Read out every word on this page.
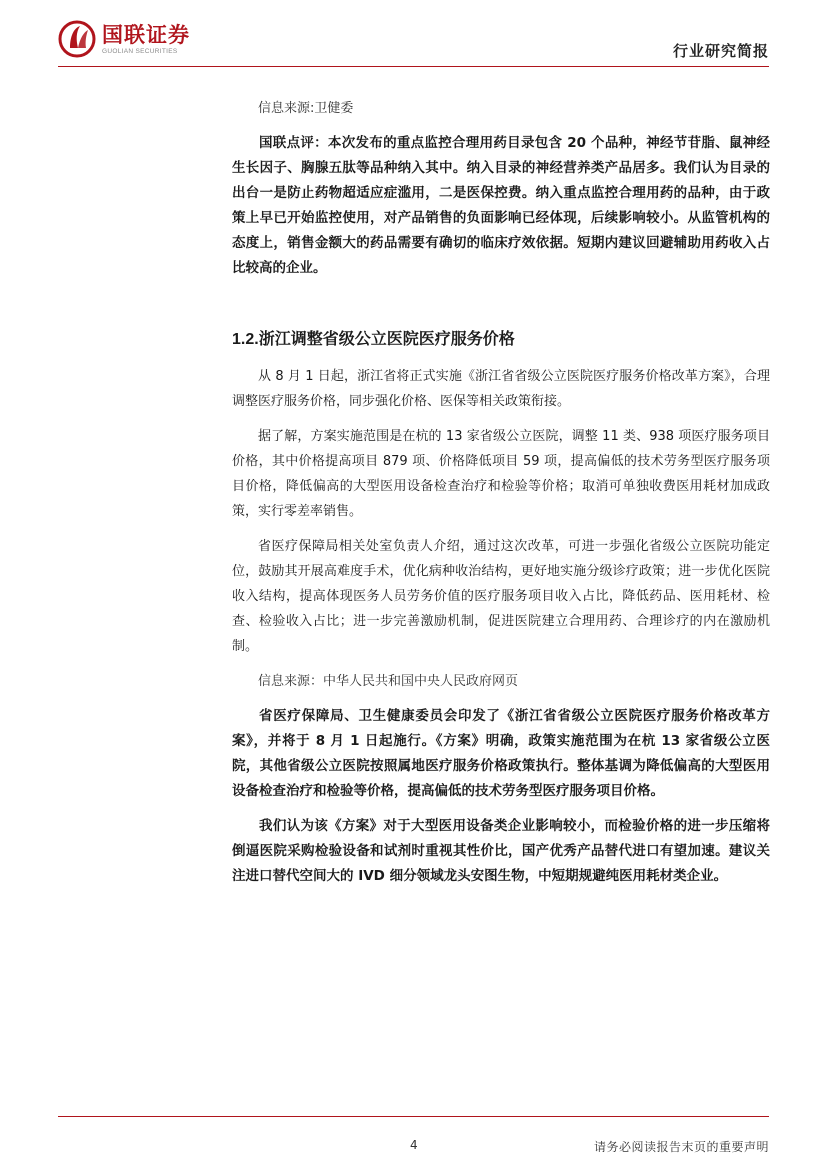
国联证券
GUOLIAN SECURITIES	行业研究简报

信息来源:卫健委

国联点评：本次发布的重点监控合理用药目录包含 20 个品种，神经节苷脂、鼠神经生长因子、胸腺五肽等品种纳入其中。纳入目录的神经营养类产品居多。我们认为目录的出台一是防止药物超适应症滥用，二是医保控费。纳入重点监控合理用药的品种，由于政策上早已开始监控使用，对产品销售的负面影响已经体现，后续影响较小。从监管机构的态度上，销售金额大的药品需要有确切的临床疗效依据。短期内建议回避辅助用药收入占比较高的企业。

1.2.浙江调整省级公立医院医疗服务价格

从 8 月 1 日起，浙江省将正式实施《浙江省省级公立医院医疗服务价格改革方案》，合理调整医疗服务价格，同步强化价格、医保等相关政策衔接。

据了解，方案实施范围是在杭的 13 家省级公立医院，调整 11 类、938 项医疗服务项目价格，其中价格提高项目 879 项、价格降低项目 59 项，提高偏低的技术劳务型医疗服务项目价格，降低偏高的大型医用设备检查治疗和检验等价格；取消可单独收费医用耗材加成政策，实行零差率销售。

省医疗保障局相关处室负责人介绍，通过这次改革，可进一步强化省级公立医院功能定位，鼓励其开展高难度手术，优化病种收治结构，更好地实施分级诊疗政策；进一步优化医院收入结构，提高体现医务人员劳务价值的医疗服务项目收入占比，降低药品、医用耗材、检查、检验收入占比；进一步完善激励机制，促进医院建立合理用药、合理诊疗的内在激励机制。

信息来源：中华人民共和国中央人民政府网页

省医疗保障局、卫生健康委员会印发了《浙江省省级公立医院医疗服务价格改革方案》，并将于 8 月 1 日起施行。《方案》明确，政策实施范围为在杭 13 家省级公立医院，其他省级公立医院按照属地医疗服务价格政策执行。整体基调为降低偏高的大型医用设备检查治疗和检验等价格，提高偏低的技术劳务型医疗服务项目价格。

我们认为该《方案》对于大型医用设备类企业影响较小，而检验价格的进一步压缩将倒逼医院采购检验设备和试剂时重视其性价比，国产优秀产品替代进口有望加速。建议关注进口替代空间大的 IVD 细分领域龙头安图生物，中短期规避纯医用耗材类企业。

4	请务必阅读报告末页的重要声明
